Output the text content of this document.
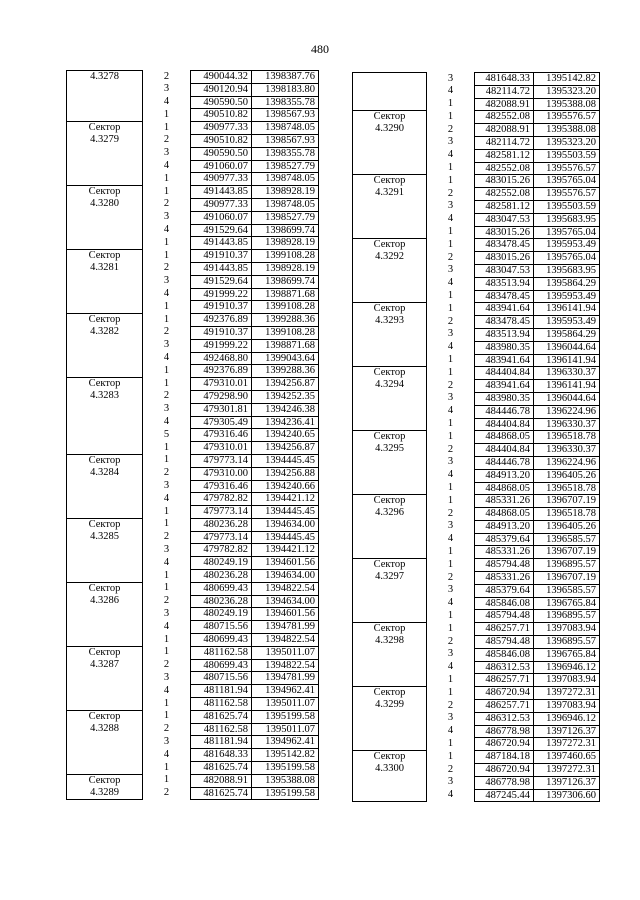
480
4.3278	2	490044.32	1398387.76
	3	490120.94	1398183.80
	4	490590.50	1398355.78
	1	490510.82	1398567.93

Сектор
4.3279	1	490977.33	1398748.05
	2	490510.82	1398567.93
	3	490590.50	1398355.78
	4	491060.07	1398527.79
	1	490977.33	1398748.05

Сектор
4.3280	1	491443.85	1398928.19
	2	490977.33	1398748.05
	3	491060.07	1398527.79
	4	491529.64	1398699.74
	1	491443.85	1398928.19

Сектор
4.3281	1	491910.37	1399108.28
	2	491443.85	1398928.19
	3	491529.64	1398699.74
	4	491999.22	1398871.68
	1	491910.37	1399108.28

Сектор
4.3282	1	492376.89	1399288.36
	2	491910.37	1399108.28
	3	491999.22	1398871.68
	4	492468.80	1399043.64
	1	492376.89	1399288.36

Сектор
4.3283	1	479310.01	1394256.87
	2	479298.90	1394252.35
	3	479301.81	1394246.38
	4	479305.49	1394236.41
	5	479316.46	1394240.65
	1	479310.01	1394256.87

Сектор
4.3284	1	479773.14	1394445.45
	2	479310.00	1394256.88
	3	479316.46	1394240.66
	4	479782.82	1394421.12
	1	479773.14	1394445.45

Сектор
4.3285	1	480236.28	1394634.00
	2	479773.14	1394445.45
	3	479782.82	1394421.12
	4	480249.19	1394601.56
	1	480236.28	1394634.00

Сектор
4.3286	1	480699.43	1394822.54
	2	480236.28	1394634.00
	3	480249.19	1394601.56
	4	480715.56	1394781.99
	1	480699.43	1394822.54

Сектор
4.3287	1	481162.58	1395011.07
	2	480699.43	1394822.54
	3	480715.56	1394781.99
	4	481181.94	1394962.41
	1	481162.58	1395011.07

Сектор
4.3288	1	481625.74	1395199.58
	2	481162.58	1395011.07
	3	481181.94	1394962.41
	4	481648.33	1395142.82
	1	481625.74	1395199.58

Сектор
4.3289	1	482088.91	1395388.08
	2	481625.74	1395199.58
	3	481648.33	1395142.82
	4	482114.72	1395323.20
	1	482088.91	1395388.08

Сектор
4.3290	1	482552.08	1395576.57
	2	482088.91	1395388.08
	3	482114.72	1395323.20
	4	482581.12	1395503.59
	1	482552.08	1395576.57

Сектор
4.3291	1	483015.26	1395765.04
	2	482552.08	1395576.57
	3	482581.12	1395503.59
	4	483047.53	1395683.95
	1	483015.26	1395765.04

Сектор
4.3292	1	483478.45	1395953.49
	2	483015.26	1395765.04
	3	483047.53	1395683.95
	4	483513.94	1395864.29
	1	483478.45	1395953.49

Сектор
4.3293	1	483941.64	1396141.94
	2	483478.45	1395953.49
	3	483513.94	1395864.29
	4	483980.35	1396044.64
	1	483941.64	1396141.94

Сектор
4.3294	1	484404.84	1396330.37
	2	483941.64	1396141.94
	3	483980.35	1396044.64
	4	484446.78	1396224.96
	1	484404.84	1396330.37

Сектор
4.3295	1	484868.05	1396518.78
	2	484404.84	1396330.37
	3	484446.78	1396224.96
	4	484913.20	1396405.26
	1	484868.05	1396518.78

Сектор
4.3296	1	485331.26	1396707.19
	2	484868.05	1396518.78
	3	484913.20	1396405.26
	4	485379.64	1396585.57
	1	485331.26	1396707.19

Сектор
4.3297	1	485794.48	1396895.57
	2	485331.26	1396707.19
	3	485379.64	1396585.57
	4	485846.08	1396765.84
	1	485794.48	1396895.57

Сектор
4.3298	1	486257.71	1397083.94
	2	485794.48	1396895.57
	3	485846.08	1396765.84
	4	486312.53	1396946.12
	1	486257.71	1397083.94

Сектор
4.3299	1	486720.94	1397272.31
	2	486257.71	1397083.94
	3	486312.53	1396946.12
	4	486778.98	1397126.37
	1	486720.94	1397272.31

Сектор
4.3300	1	487184.18	1397460.65
	2	486720.94	1397272.31
	3	486778.98	1397126.37
	4	487245.44	1397306.60
